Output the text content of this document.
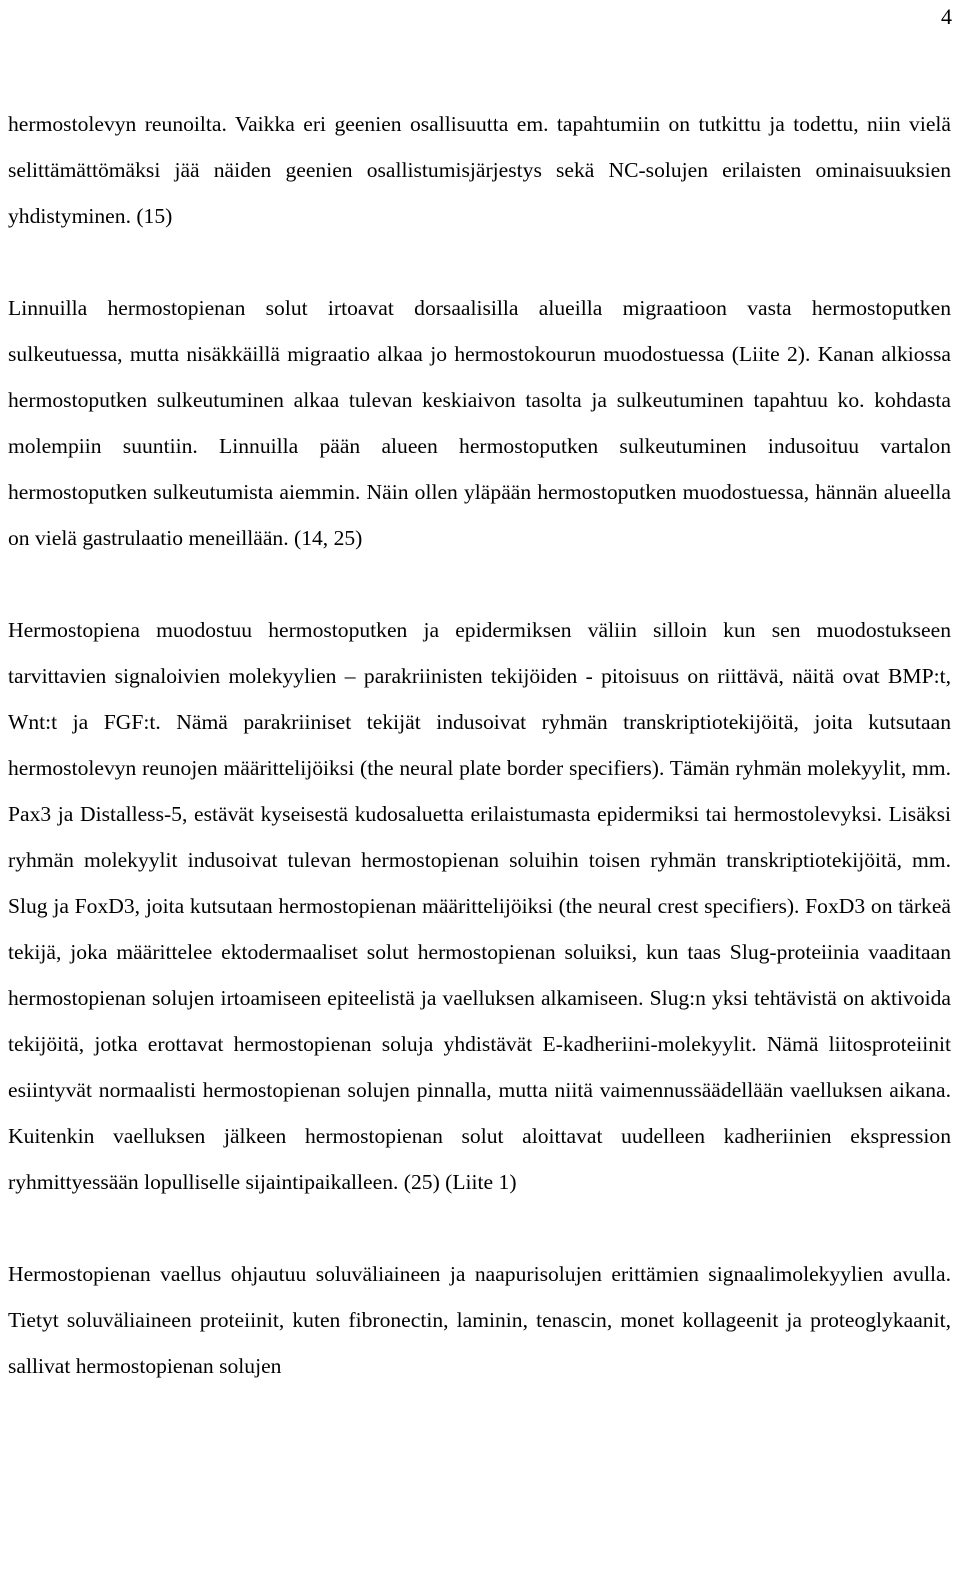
4

hermostolevyn reunoilta. Vaikka eri geenien osallisuutta em. tapahtumiin on tutkittu ja todettu, niin vielä selittämättömäksi jää näiden geenien osallistumisjärjestys sekä NC-solujen erilaisten ominaisuuksien yhdistyminen. (15)

Linnuilla hermostopienan solut irtoavat dorsaalisilla alueilla migraatioon vasta hermostoputken sulkeutuessa, mutta nisäkkäillä migraatio alkaa jo hermostokourun muodostuessa (Liite 2). Kanan alkiossa hermostoputken sulkeutuminen alkaa tulevan keskiaivon tasolta ja sulkeutuminen tapahtuu ko. kohdasta molempiin suuntiin. Linnuilla pään alueen hermostoputken sulkeutuminen indusoituu vartalon hermostoputken sulkeutumista aiemmin. Näin ollen yläpään hermostoputken muodostuessa, hännän alueella on vielä gastrulaatio meneillään. (14, 25)

Hermostopiena muodostuu hermostoputken ja epidermiksen väliin silloin kun sen muodostukseen tarvittavien signaloivien molekyylien – parakriinisten tekijöiden - pitoisuus on riittävä, näitä ovat BMP:t, Wnt:t ja FGF:t. Nämä parakriiniset tekijät indusoivat ryhmän transkriptiotekijöitä, joita kutsutaan hermostolevyn reunojen määrittelijöiksi (the neural plate border specifiers). Tämän ryhmän molekyylit, mm. Pax3 ja Distalless-5, estävät kyseisestä kudosaluetta erilaistumasta epidermiksi tai hermostolevyksi. Lisäksi ryhmän molekyylit indusoivat tulevan hermostopienan soluihin toisen ryhmän transkriptiotekijöitä, mm. Slug ja FoxD3, joita kutsutaan hermostopienan määrittelijöiksi (the neural crest specifiers). FoxD3 on tärkeä tekijä, joka määrittelee ektodermaaliset solut hermostopienan soluiksi, kun taas Slug-proteiinia vaaditaan hermostopienan solujen irtoamiseen epiteelistä ja vaelluksen alkamiseen. Slug:n yksi tehtävistä on aktivoida tekijöitä, jotka erottavat hermostopienan soluja yhdistävät E-kadheriini-molekyylit. Nämä liitosproteiinit esiintyvät normaalisti hermostopienan solujen pinnalla, mutta niitä vaimennussäädellään vaelluksen aikana. Kuitenkin vaelluksen jälkeen hermostopienan solut aloittavat uudelleen kadheriinien ekspression ryhmittyessään lopulliselle sijaintipaikalleen. (25) (Liite 1)

Hermostopienan vaellus ohjautuu soluväliaineen ja naapurisolujen erittämien signaalimolekyylien avulla. Tietyt soluväliaineen proteiinit, kuten fibronectin, laminin, tenascin, monet kollageenit ja proteoglykaanit, sallivat hermostopienan solujen
